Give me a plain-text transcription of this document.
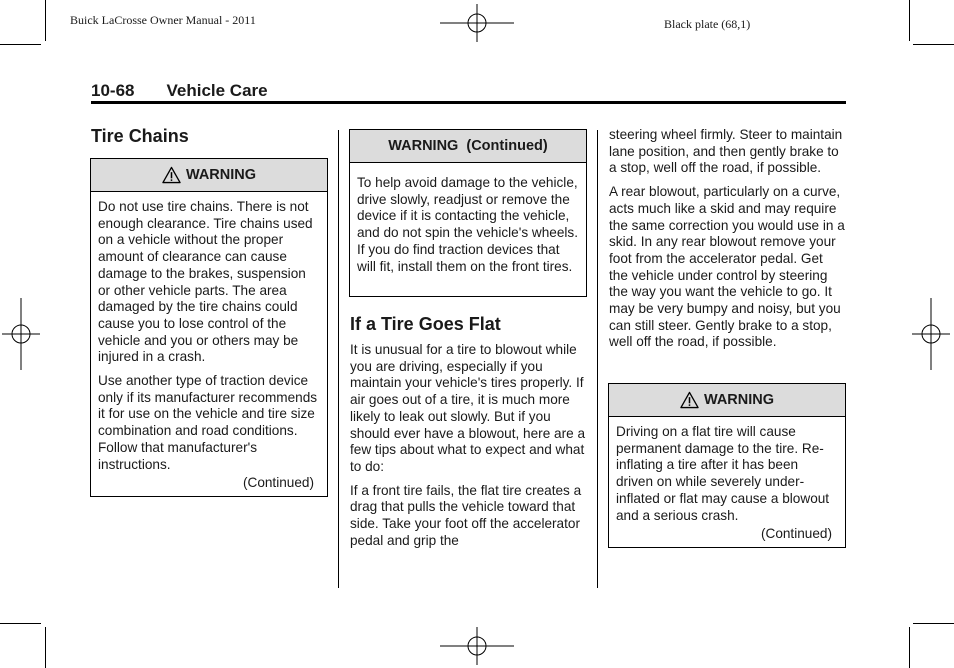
Buick LaCrosse Owner Manual - 2011	Black plate (68,1)
10-68 Vehicle Care
Tire Chains
WARNING

Do not use tire chains. There is not enough clearance. Tire chains used on a vehicle without the proper amount of clearance can cause damage to the brakes, suspension or other vehicle parts. The area damaged by the tire chains could cause you to lose control of the vehicle and you or others may be injured in a crash.

Use another type of traction device only if its manufacturer recommends it for use on the vehicle and tire size combination and road conditions. Follow that manufacturer's instructions.

(Continued)
WARNING  (Continued)

To help avoid damage to the vehicle, drive slowly, readjust or remove the device if it is contacting the vehicle, and do not spin the vehicle's wheels. If you do find traction devices that will fit, install them on the front tires.

If a Tire Goes Flat

It is unusual for a tire to blowout while you are driving, especially if you maintain your vehicle's tires properly. If air goes out of a tire, it is much more likely to leak out slowly. But if you should ever have a blowout, here are a few tips about what to expect and what to do:

If a front tire fails, the flat tire creates a drag that pulls the vehicle toward that side. Take your foot off the accelerator pedal and grip the

steering wheel firmly. Steer to maintain lane position, and then gently brake to a stop, well off the road, if possible.

A rear blowout, particularly on a curve, acts much like a skid and may require the same correction you would use in a skid. In any rear blowout remove your foot from the accelerator pedal. Get the vehicle under control by steering the way you want the vehicle to go. It may be very bumpy and noisy, but you can still steer. Gently brake to a stop, well off the road, if possible.

WARNING

Driving on a flat tire will cause permanent damage to the tire. Re-inflating a tire after it has been driven on while severely under-inflated or flat may cause a blowout and a serious crash.

(Continued)
